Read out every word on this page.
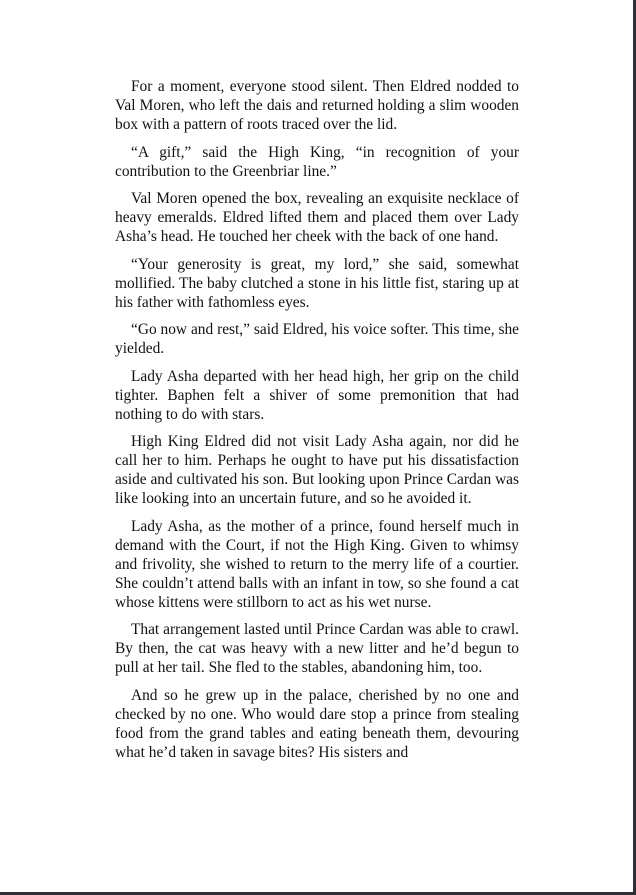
For a moment, everyone stood silent. Then Eldred nodded to Val Moren, who left the dais and returned holding a slim wooden box with a pattern of roots traced over the lid.

“A gift,” said the High King, “in recognition of your contribution to the Greenbriar line.”

Val Moren opened the box, revealing an exquisite necklace of heavy emeralds. Eldred lifted them and placed them over Lady Asha’s head. He touched her cheek with the back of one hand.

“Your generosity is great, my lord,” she said, somewhat mollified. The baby clutched a stone in his little fist, staring up at his father with fathomless eyes.

“Go now and rest,” said Eldred, his voice softer. This time, she yielded.

Lady Asha departed with her head high, her grip on the child tighter. Baphen felt a shiver of some premonition that had nothing to do with stars.

High King Eldred did not visit Lady Asha again, nor did he call her to him. Perhaps he ought to have put his dissatisfaction aside and cultivated his son. But looking upon Prince Cardan was like looking into an uncertain future, and so he avoided it.

Lady Asha, as the mother of a prince, found herself much in demand with the Court, if not the High King. Given to whimsy and frivolity, she wished to return to the merry life of a courtier. She couldn’t attend balls with an infant in tow, so she found a cat whose kittens were stillborn to act as his wet nurse.

That arrangement lasted until Prince Cardan was able to crawl. By then, the cat was heavy with a new litter and he’d begun to pull at her tail. She fled to the stables, abandoning him, too.

And so he grew up in the palace, cherished by no one and checked by no one. Who would dare stop a prince from stealing food from the grand tables and eating beneath them, devouring what he’d taken in savage bites? His sisters and
